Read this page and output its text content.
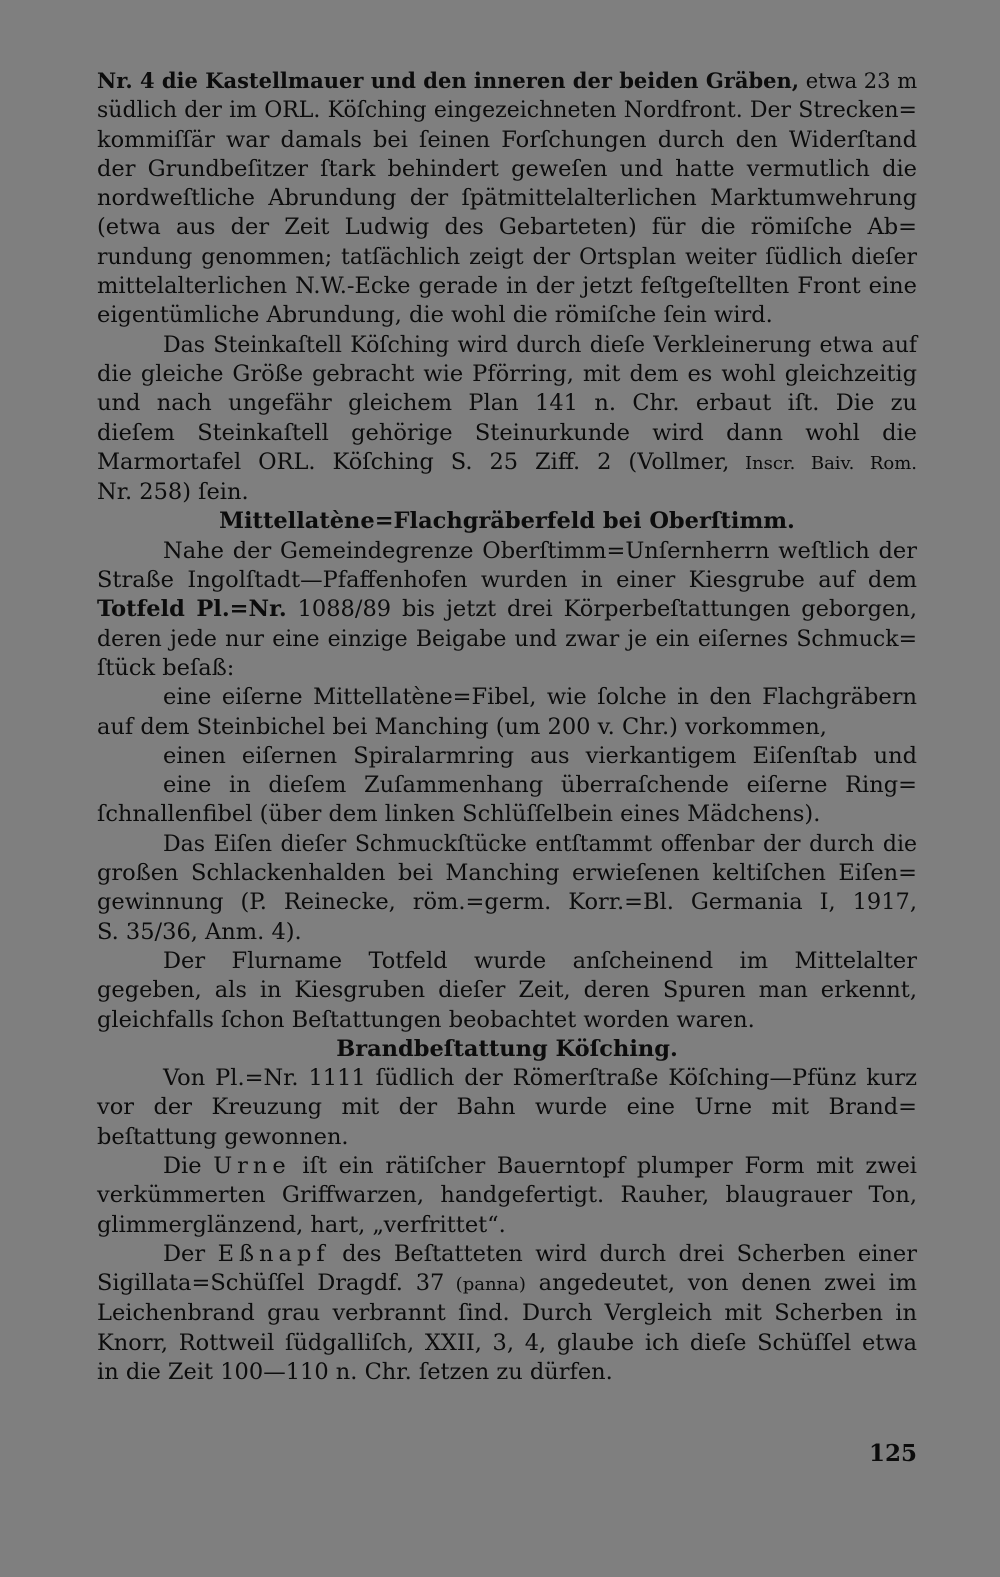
Nr. 4 die Kastellmauer und den inneren der beiden Gräben, etwa 23 m
südlich der im ORL. Köſching eingezeichneten Nordfront. Der Strecken=
kommiſſär war damals bei ſeinen Forſchungen durch den Widerſtand
der Grundbeſitzer ſtark behindert geweſen und hatte vermutlich die
nordweſtliche Abrundung der ſpätmittelalterlichen Marktumwehrung
(etwa aus der Zeit Ludwig des Gebarteten) für die römiſche Ab=
rundung genommen; tatſächlich zeigt der Ortsplan weiter ſüdlich dieſer
mittelalterlichen N.W.-Ecke gerade in der jetzt feſtgeſtellten Front eine
eigentümliche Abrundung, die wohl die römiſche ſein wird.

Das Steinkaſtell Köſching wird durch dieſe Verkleinerung etwa auf
die gleiche Größe gebracht wie Pförring, mit dem es wohl gleichzeitig
und nach ungefähr gleichem Plan 141 n. Chr. erbaut iſt. Die zu
dieſem Steinkaſtell gehörige Steinurkunde wird dann wohl die
Marmortafel ORL. Köſching S. 25 Ziff. 2 (Vollmer, Inscr. Baiv. Rom.
Nr. 258) ſein.

Mittellatène=Flachgräberfeld bei Oberſtimm.

Nahe der Gemeindegrenze Oberſtimm=Unſernherrn weſtlich der
Straße Ingolſtadt—Pfaffenhofen wurden in einer Kiesgrube auf dem
Totfeld Pl.=Nr. 1088/89 bis jetzt drei Körperbeſtattungen geborgen,
deren jede nur eine einzige Beigabe und zwar je ein eiſernes Schmuck=
ſtück beſaß:

eine eiſerne Mittellatène=Fibel, wie ſolche in den Flachgräbern
auf dem Steinbichel bei Manching (um 200 v. Chr.) vorkommen,

einen eiſernen Spiralarmring aus vierkantigem Eiſenſtab und

eine in dieſem Zuſammenhang überraſchende eiſerne Ring=
ſchnallenfibel (über dem linken Schlüſſelbein eines Mädchens).

Das Eiſen dieſer Schmuckſtücke entſtammt offenbar der durch die
großen Schlackenhalden bei Manching erwieſenen keltiſchen Eiſen=
gewinnung (P. Reinecke, röm.=germ. Korr.=Bl. Germania I, 1917,
S. 35/36, Anm. 4).

Der Flurname Totfeld wurde anſcheinend im Mittelalter
gegeben, als in Kiesgruben dieſer Zeit, deren Spuren man erkennt,
gleichfalls ſchon Beſtattungen beobachtet worden waren.

Brandbeſtattung Köſching.

Von Pl.=Nr. 1111 ſüdlich der Römerſtraße Köſching—Pfünz kurz
vor der Kreuzung mit der Bahn wurde eine Urne mit Brand=
beſtattung gewonnen.

Die Urne iſt ein rätiſcher Bauerntopf plumper Form mit zwei
verkümmerten Griffwarzen, handgefertigt. Rauher, blaugrauer Ton,
glimmerglänzend, hart, „verfrittet“.

Der Eßnapf des Beſtatteten wird durch drei Scherben einer
Sigillata=Schüſſel Dragdf. 37 (panna) angedeutet, von denen zwei im
Leichenbrand grau verbrannt ſind. Durch Vergleich mit Scherben in
Knorr, Rottweil ſüdgalliſch, XXII, 3, 4, glaube ich dieſe Schüſſel etwa
in die Zeit 100—110 n. Chr. ſetzen zu dürfen.

125
